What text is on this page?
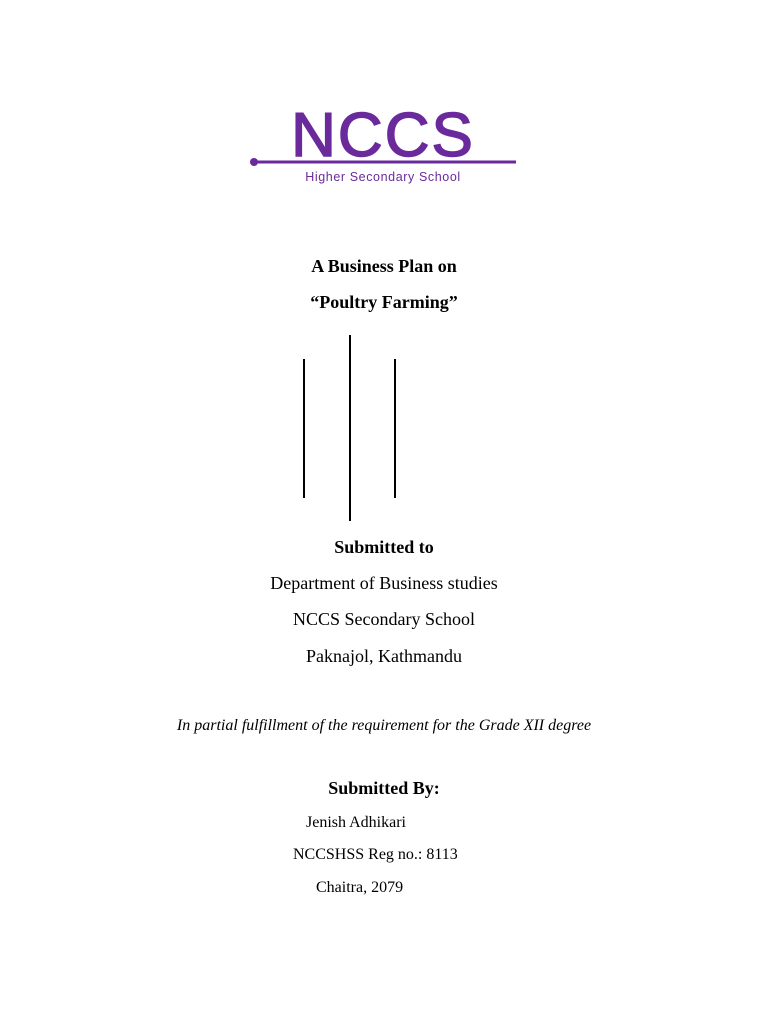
NCCS
Higher Secondary School
A Business Plan on
“Poultry Farming”
Submitted to
Department of Business studies
NCCS Secondary School
Paknajol, Kathmandu
In partial fulfillment of the requirement for the Grade XII degree
Submitted By:
Jenish Adhikari
NCCSHSS Reg no.: 8113
Chaitra, 2079
